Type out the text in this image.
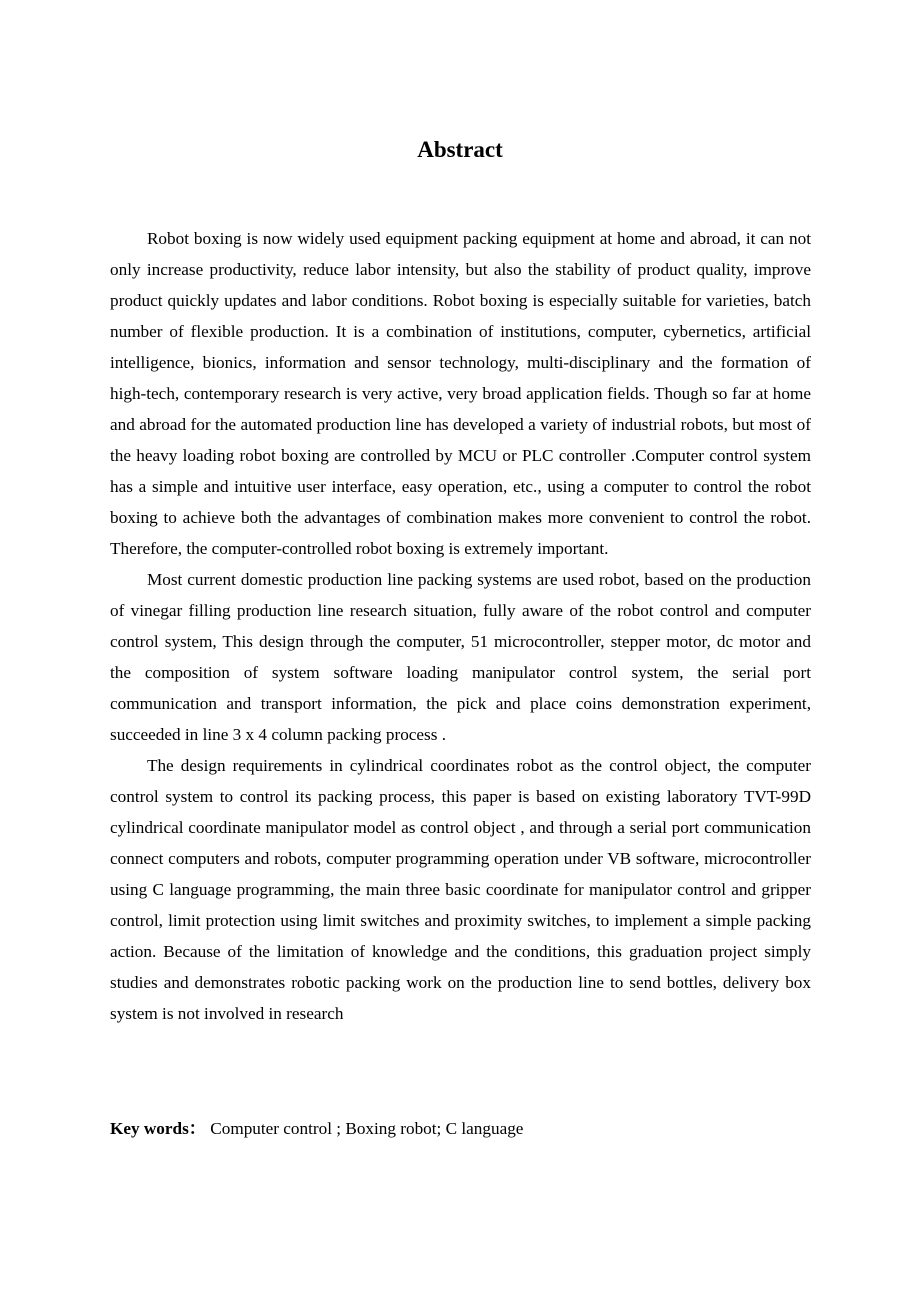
Abstract

Robot boxing is now widely used equipment packing equipment at home and abroad, it can not only increase productivity, reduce labor intensity, but also the stability of product quality, improve product quickly updates and labor conditions. Robot boxing is especially suitable for varieties, batch number of flexible production. It is a combination of institutions, computer, cybernetics, artificial intelligence, bionics, information and sensor technology, multi-disciplinary and the formation of high-tech, contemporary research is very active, very broad application fields. Though so far at home and abroad for the automated production line has developed a variety of industrial robots, but most of the heavy loading robot boxing are controlled by MCU or PLC controller .Computer control system has a simple and intuitive user interface, easy operation, etc., using a computer to control the robot boxing to achieve both the advantages of combination makes more convenient to control the robot. Therefore, the computer-controlled robot boxing is extremely important.

Most current domestic production line packing systems are used robot, based on the production of vinegar filling production line research situation, fully aware of the robot control and computer control system, This design through the computer, 51 microcontroller, stepper motor, dc motor and the composition of system software loading manipulator control system, the serial port communication and transport information, the pick and place coins demonstration experiment, succeeded in line 3 x 4 column packing process .

The design requirements in cylindrical coordinates robot as the control object, the computer control system to control its packing process, this paper is based on existing laboratory TVT-99D cylindrical coordinate manipulator model as control object , and through a serial port communication connect computers and robots, computer programming operation under VB software, microcontroller using C language programming, the main three basic coordinate for manipulator control and gripper control, limit protection using limit switches and proximity switches, to implement a simple packing action. Because of the limitation of knowledge and the conditions, this graduation project simply studies and demonstrates robotic packing work on the production line to send bottles, delivery box system is not involved in research

Key words： Computer control ; Boxing robot; C language
